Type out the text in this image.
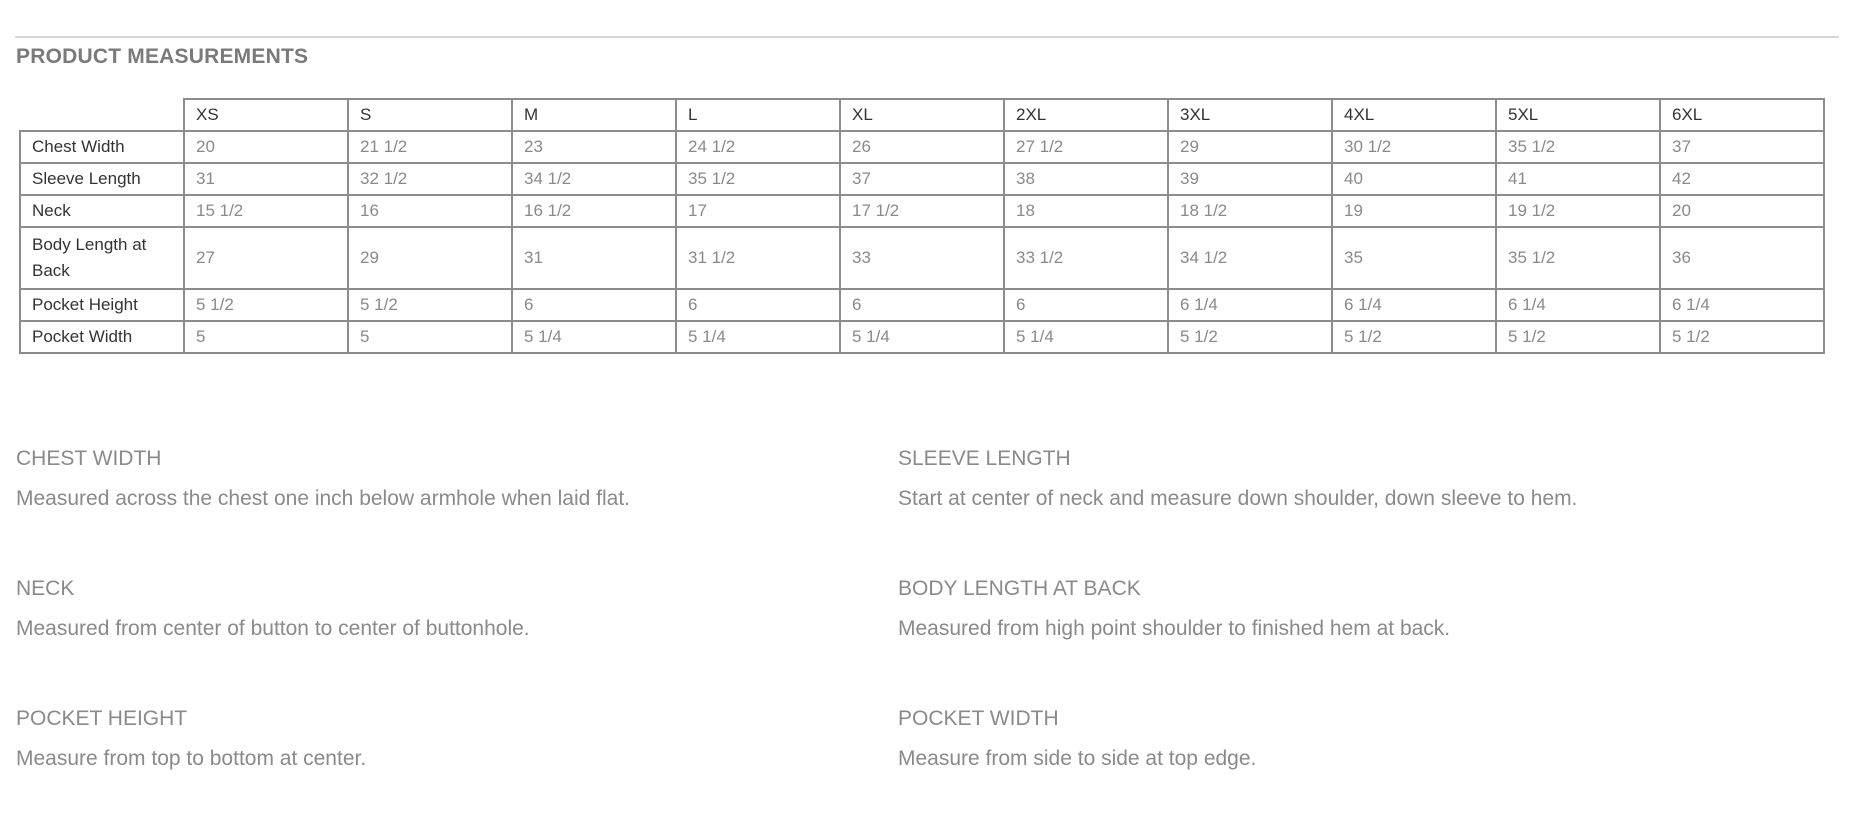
PRODUCT MEASUREMENTS
	XS	S	M	L	XL	2XL	3XL	4XL	5XL	6XL
Chest Width	20	21 1/2	23	24 1/2	26	27 1/2	29	30 1/2	35 1/2	37
Sleeve Length	31	32 1/2	34 1/2	35 1/2	37	38	39	40	41	42
Neck	15 1/2	16	16 1/2	17	17 1/2	18	18 1/2	19	19 1/2	20
Body Length at Back	27	29	31	31 1/2	33	33 1/2	34 1/2	35	35 1/2	36
Pocket Height	5 1/2	5 1/2	6	6	6	6	6 1/4	6 1/4	6 1/4	6 1/4
Pocket Width	5	5	5 1/4	5 1/4	5 1/4	5 1/4	5 1/2	5 1/2	5 1/2	5 1/2
CHEST WIDTH

Measured across the chest one inch below armhole when laid flat.

SLEEVE LENGTH

Start at center of neck and measure down shoulder, down sleeve to hem.

NECK

Measured from center of button to center of buttonhole.

BODY LENGTH AT BACK

Measured from high point shoulder to finished hem at back.

POCKET HEIGHT

Measure from top to bottom at center.

POCKET WIDTH

Measure from side to side at top edge.
